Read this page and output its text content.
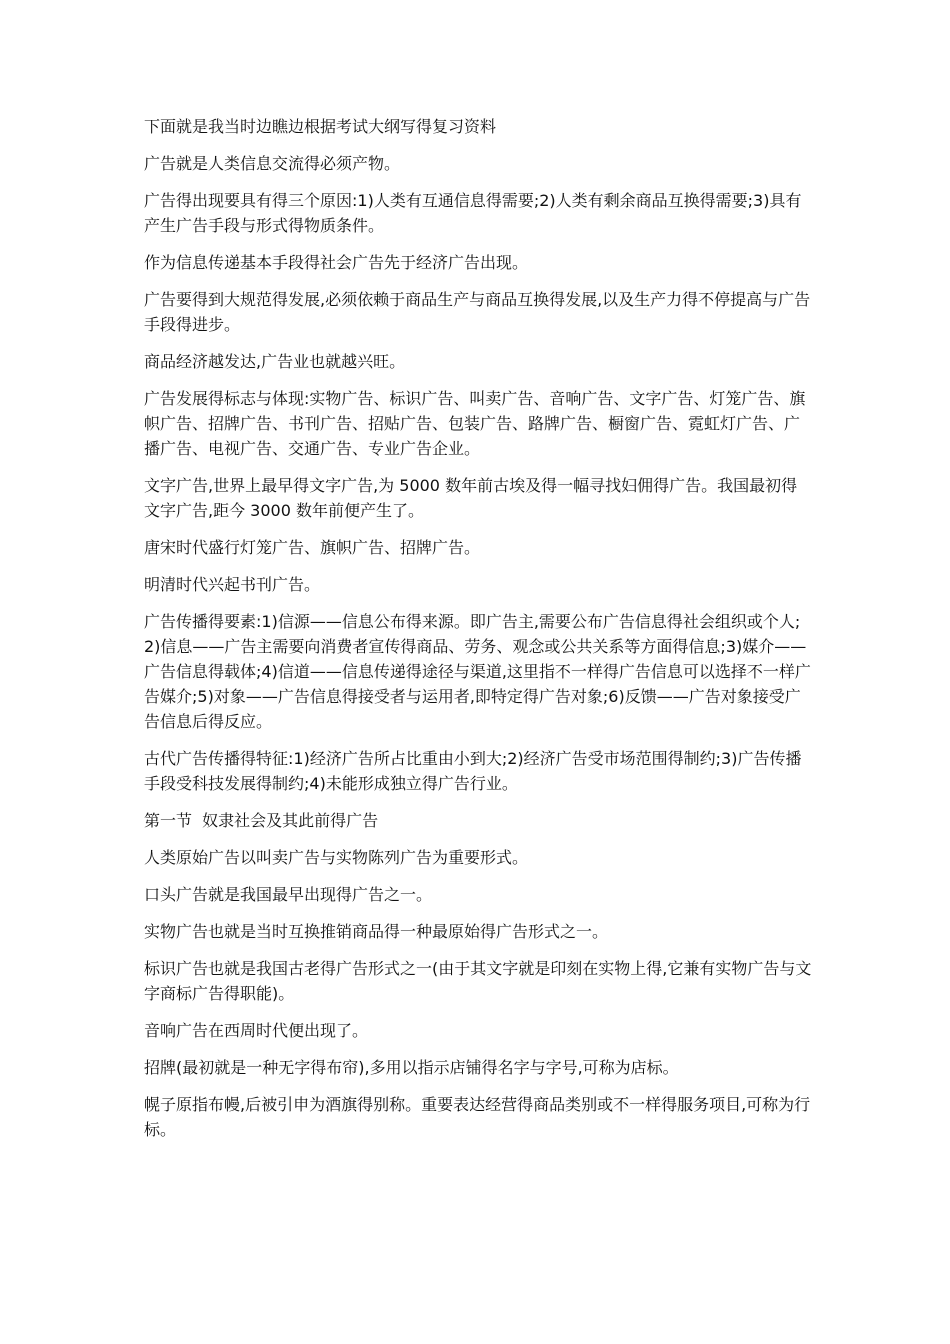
下面就是我当时边瞧边根据考试大纲写得复习资料

广告就是人类信息交流得必须产物。

广告得出现要具有得三个原因:1)人类有互通信息得需要;2)人类有剩余商品互换得需要;3)具有产生广告手段与形式得物质条件。

作为信息传递基本手段得社会广告先于经济广告出现。

广告要得到大规范得发展,必须依赖于商品生产与商品互换得发展,以及生产力得不停提高与广告手段得进步。

商品经济越发达,广告业也就越兴旺。

广告发展得标志与体现:实物广告、标识广告、叫卖广告、音响广告、文字广告、灯笼广告、旗帜广告、招牌广告、书刊广告、招贴广告、包装广告、路牌广告、橱窗广告、霓虹灯广告、广播广告、电视广告、交通广告、专业广告企业。

文字广告,世界上最早得文字广告,为 5000 数年前古埃及得一幅寻找妇佣得广告。我国最初得文字广告,距今 3000 数年前便产生了。

唐宋时代盛行灯笼广告、旗帜广告、招牌广告。

明清时代兴起书刊广告。

广告传播得要素:1)信源——信息公布得来源。即广告主,需要公布广告信息得社会组织或个人;2)信息——广告主需要向消费者宣传得商品、劳务、观念或公共关系等方面得信息;3)媒介——广告信息得载体;4)信道——信息传递得途径与渠道,这里指不一样得广告信息可以选择不一样广告媒介;5)对象——广告信息得接受者与运用者,即特定得广告对象;6)反馈——广告对象接受广告信息后得反应。

古代广告传播得特征:1)经济广告所占比重由小到大;2)经济广告受市场范围得制约;3)广告传播手段受科技发展得制约;4)未能形成独立得广告行业。

第一节  奴隶社会及其此前得广告

人类原始广告以叫卖广告与实物陈列广告为重要形式。

口头广告就是我国最早出现得广告之一。

实物广告也就是当时互换推销商品得一种最原始得广告形式之一。

标识广告也就是我国古老得广告形式之一(由于其文字就是印刻在实物上得,它兼有实物广告与文字商标广告得职能)。

音响广告在西周时代便出现了。

招牌(最初就是一种无字得布帘),多用以指示店铺得名字与字号,可称为店标。

幌子原指布幔,后被引申为酒旗得别称。重要表达经营得商品类别或不一样得服务项目,可称为行标。
